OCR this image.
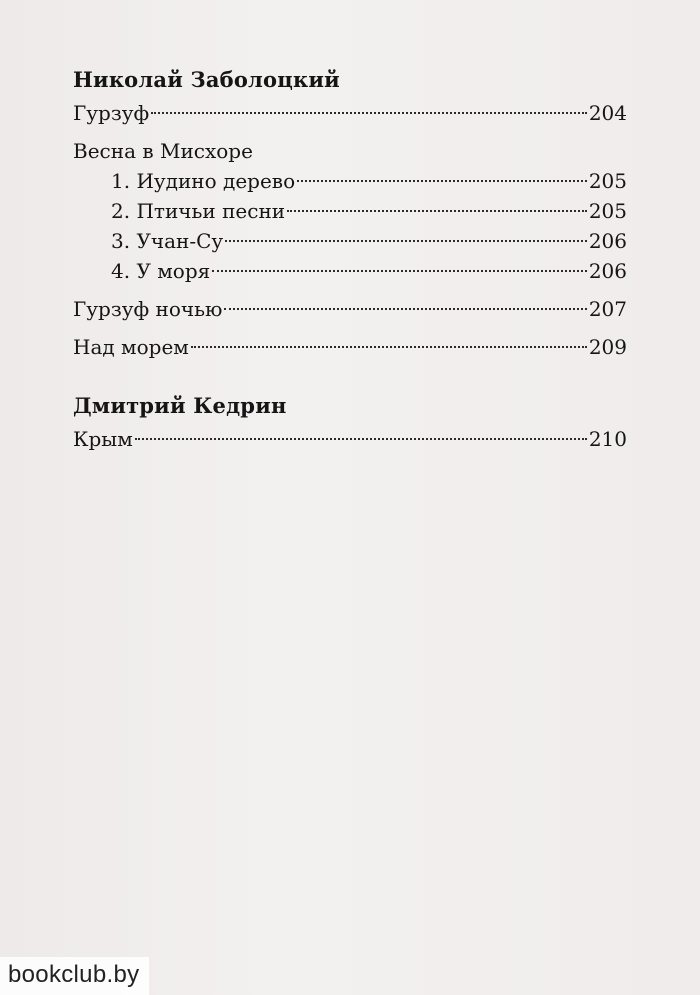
Николай Заболоцкий
Гурзуф	204
Весна в Мисхоре
1. Иудино дерево	205
2. Птичьи песни	205
3. Учан-Су	206
4. У моря	206
Гурзуф ночью	207
Над морем	209
Дмитрий Кедрин
Крым	210
bookclub.by
